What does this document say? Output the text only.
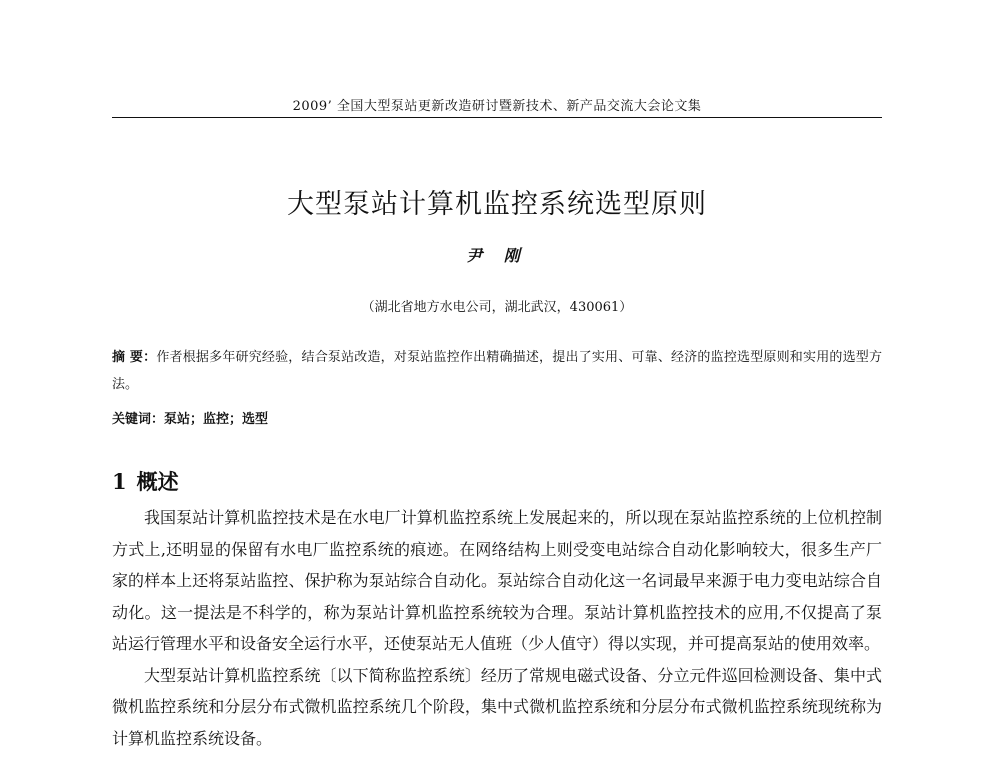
2009’ 全国大型泵站更新改造研讨暨新技术、新产品交流大会论文集
大型泵站计算机监控系统选型原则
尹 刚
（湖北省地方水电公司，湖北武汉，430061）
摘 要：作者根据多年研究经验，结合泵站改造，对泵站监控作出精确描述，提出了实用、可靠、经济的监控选型原则和实用的选型方法。
关键词：泵站；监控；选型
1 概述

我国泵站计算机监控技术是在水电厂计算机监控系统上发展起来的，所以现在泵站监控系统的上位机控制方式上,还明显的保留有水电厂监控系统的痕迹。在网络结构上则受变电站综合自动化影响较大，很多生产厂家的样本上还将泵站监控、保护称为泵站综合自动化。泵站综合自动化这一名词最早来源于电力变电站综合自动化。这一提法是不科学的，称为泵站计算机监控系统较为合理。泵站计算机监控技术的应用,不仅提高了泵站运行管理水平和设备安全运行水平，还使泵站无人值班（少人值守）得以实现，并可提高泵站的使用效率。

大型泵站计算机监控系统〔以下简称监控系统〕经历了常规电磁式设备、分立元件巡回检测设备、集中式微机监控系统和分层分布式微机监控系统几个阶段，集中式微机监控系统和分层分布式微机监控系统现统称为计算机监控系统设备。
